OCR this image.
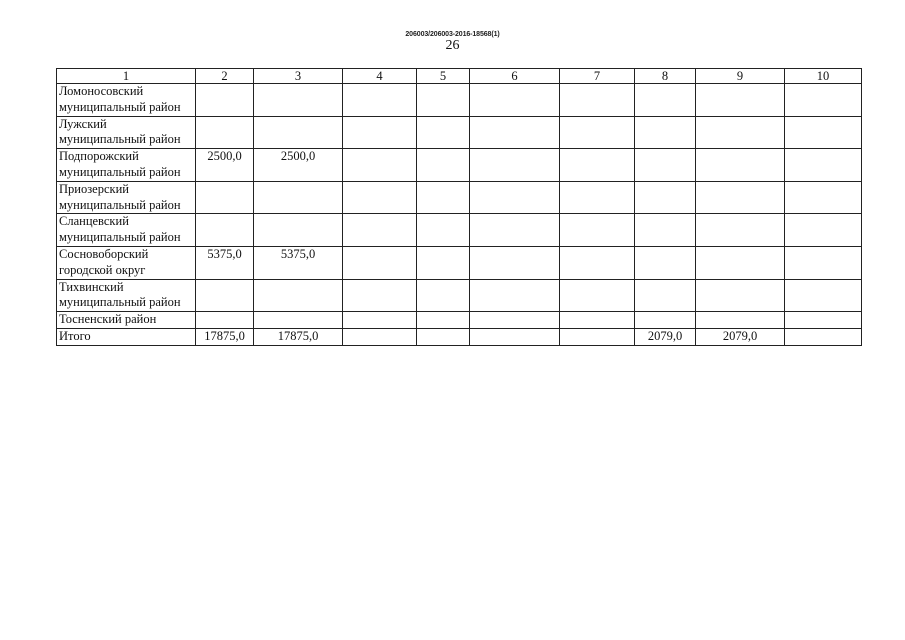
206003/206003-2016-18568(1)
26
1	2	3	4	5	6	7	8	9	10
Ломоносовский муниципальный район									
Лужский муниципальный район									
Подпорожский муниципальный район	2500,0	2500,0							
Приозерский муниципальный район									
Сланцевский муниципальный район									
Сосновоборский городской округ	5375,0	5375,0							
Тихвинский муниципальный район									
Тосненский район									
Итого	17875,0	17875,0					2079,0	2079,0	
